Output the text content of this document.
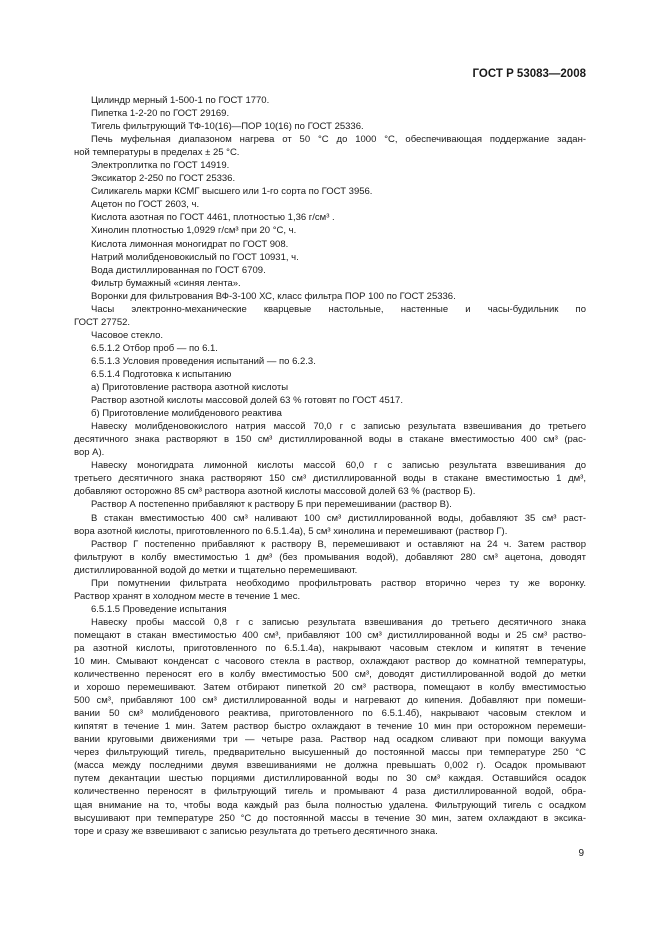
ГОСТ Р 53083—2008
Цилиндр мерный 1-500-1 по ГОСТ 1770.
Пипетка 1-2-20 по ГОСТ 29169.
Тигель фильтрующий ТФ-10(16)—ПОР 10(16) по ГОСТ 25336.
Печь муфельная диапазоном нагрева от 50 °С до 1000 °С, обеспечивающая поддержание задан-
ной температуры в пределах ± 25 °С.
Электроплитка по ГОСТ 14919.
Эксикатор 2-250 по ГОСТ 25336.
Силикагель марки КСМГ высшего или 1-го сорта по ГОСТ 3956.
Ацетон по ГОСТ 2603, ч.
Кислота азотная по ГОСТ 4461, плотностью 1,36 г/см³ .
Хинолин плотностью 1,0929 г/см³ при 20 °С, ч.
Кислота лимонная моногидрат по ГОСТ 908.
Натрий молибденовокислый по ГОСТ 10931, ч.
Вода дистиллированная по ГОСТ 6709.
Фильтр бумажный «синяя лента».
Воронки для фильтрования ВФ-3-100 ХС, класс фильтра ПОР 100 по ГОСТ 25336.
Часы электронно-механические кварцевые настольные, настенные и часы-будильник по
ГОСТ 27752.
Часовое стекло.
6.5.1.2 Отбор проб — по 6.1.
6.5.1.3 Условия проведения испытаний — по 6.2.3.
6.5.1.4 Подготовка к испытанию
а) Приготовление раствора азотной кислоты
Раствор азотной кислоты массовой долей 63 % готовят по ГОСТ 4517.
б) Приготовление молибденового реактива
Навеску молибденовокислого натрия массой 70,0 г с записью результата взвешивания до третьего
десятичного знака растворяют в 150 см³ дистиллированной воды в стакане вместимостью 400 см³ (рас-
вор А).
Навеску моногидрата лимонной кислоты массой 60,0 г с записью результата взвешивания до
третьего десятичного знака растворяют 150 см³ дистиллированной воды в стакане вместимостью 1 дм³,
добавляют осторожно 85 см³ раствора азотной кислоты массовой долей 63 % (раствор Б).
Раствор А постепенно прибавляют к раствору Б при перемешивании (раствор В).
В стакан вместимостью 400 см³ наливают 100 см³ дистиллированной воды, добавляют 35 см³ раст-
вора азотной кислоты, приготовленного по 6.5.1.4а), 5 см³ хинолина и перемешивают (раствор Г).
Раствор Г постепенно прибавляют к раствору В, перемешивают и оставляют на 24 ч. Затем раствор
фильтруют в колбу вместимостью 1 дм³ (без промывания водой), добавляют 280 см³ ацетона, доводят
дистиллированной водой до метки и тщательно перемешивают.
При помутнении фильтрата необходимо профильтровать раствор вторично через ту же воронку.
Раствор хранят в холодном месте в течение 1 мес.
6.5.1.5 Проведение испытания
Навеску пробы массой 0,8 г с записью результата взвешивания до третьего десятичного знака
помещают в стакан вместимостью 400 см³, прибавляют 100 см³ дистиллированной воды и 25 см³ раство-
ра азотной кислоты, приготовленного по 6.5.1.4а), накрывают часовым стеклом и кипятят в течение
10 мин. Смывают конденсат с часового стекла в раствор, охлаждают раствор до комнатной температуры,
количественно переносят его в колбу вместимостью 500 см³, доводят дистиллированной водой до метки
и хорошо перемешивают. Затем отбирают пипеткой 20 см³ раствора, помещают в колбу вместимостью
500 см³, прибавляют 100 см³ дистиллированной воды и нагревают до кипения. Добавляют при помеши-
вании 50 см³ молибденового реактива, приготовленного по 6.5.1.4б), накрывают часовым стеклом и
кипятят в течение 1 мин. Затем раствор быстро охлаждают в течение 10 мин при осторожном перемеши-
вании круговыми движениями три — четыре раза. Раствор над осадком сливают при помощи вакуума
через фильтрующий тигель, предварительно высушенный до постоянной массы при температуре 250 °С
(масса между последними двумя взвешиваниями не должна превышать 0,002 г). Осадок промывают
путем декантации шестью порциями дистиллированной воды по 30 см³ каждая. Оставшийся осадок
количественно переносят в фильтрующий тигель и промывают 4 раза дистиллированной водой, обра-
щая внимание на то, чтобы вода каждый раз была полностью удалена. Фильтрующий тигель с осадком
высушивают при температуре 250 °С до постоянной массы в течение 30 мин, затем охлаждают в эксика-
торе и сразу же взвешивают с записью результата до третьего десятичного знака.
9
